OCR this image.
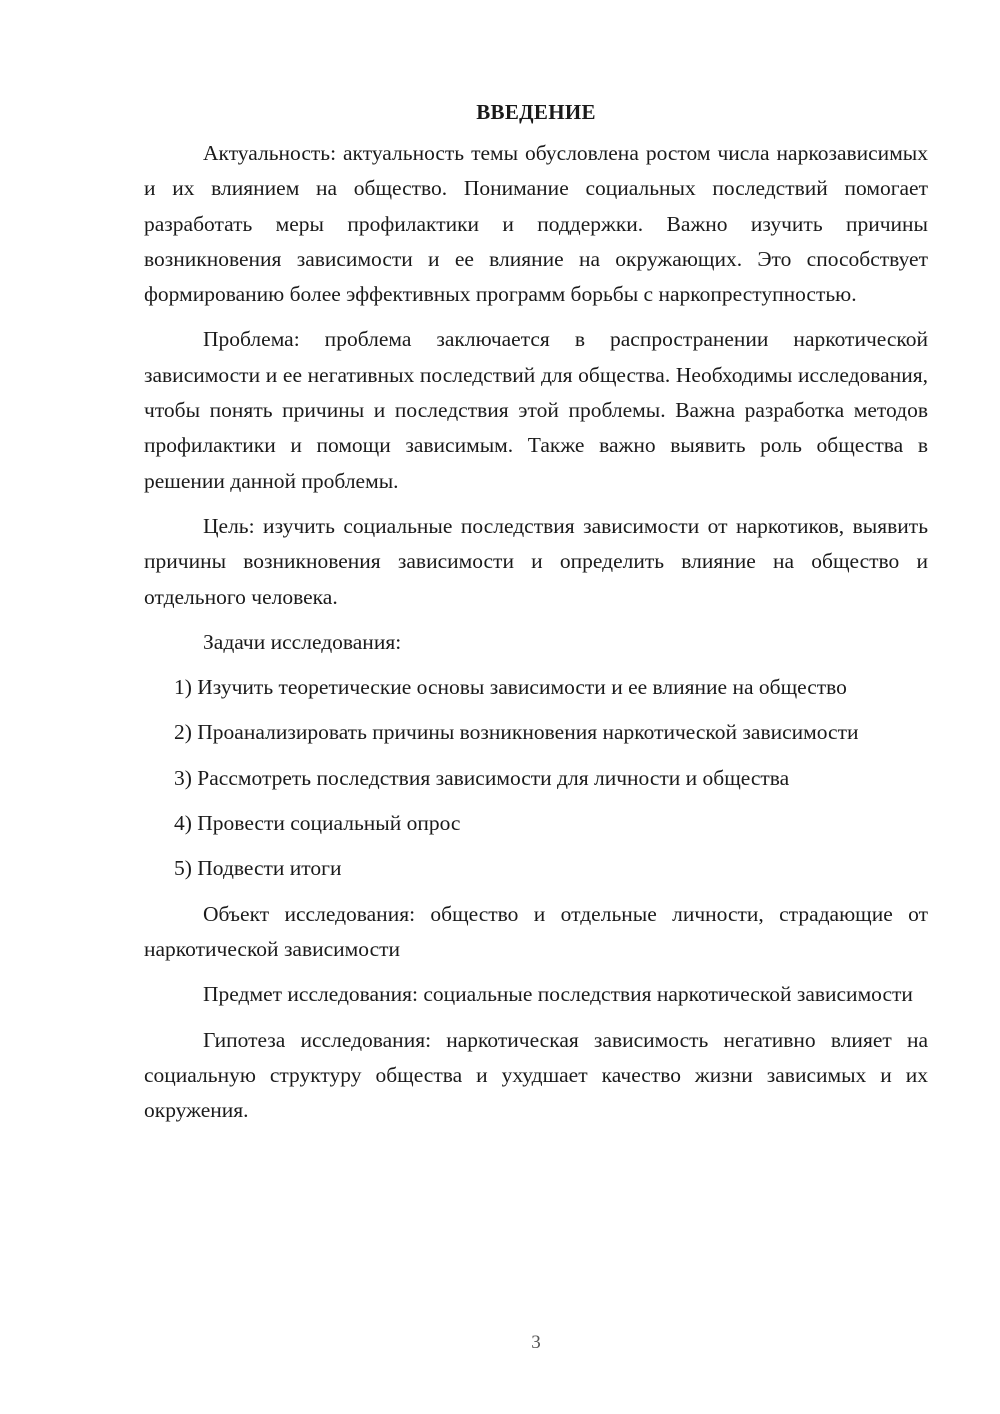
ВВЕДЕНИЕ

Актуальность: актуальность темы обусловлена ростом числа наркозависимых и их влиянием на общество. Понимание социальных последствий помогает разработать меры профилактики и поддержки. Важно изучить причины возникновения зависимости и ее влияние на окружающих. Это способствует формированию более эффективных программ борьбы с наркопреступностью.

Проблема: проблема заключается в распространении наркотической зависимости и ее негативных последствий для общества. Необходимы исследования, чтобы понять причины и последствия этой проблемы. Важна разработка методов профилактики и помощи зависимым. Также важно выявить роль общества в решении данной проблемы.

Цель: изучить социальные последствия зависимости от наркотиков, выявить причины возникновения зависимости и определить влияние на общество и отдельного человека.

Задачи исследования:

1) Изучить теоретические основы зависимости и ее влияние на общество

2) Проанализировать причины возникновения наркотической зависимости

3) Рассмотреть последствия зависимости для личности и общества

4) Провести социальный опрос

5) Подвести итоги

Объект исследования: общество и отдельные личности, страдающие от наркотической зависимости

Предмет исследования: социальные последствия наркотической зависимости

Гипотеза исследования: наркотическая зависимость негативно влияет на социальную структуру общества и ухудшает качество жизни зависимых и их окружения.

3
